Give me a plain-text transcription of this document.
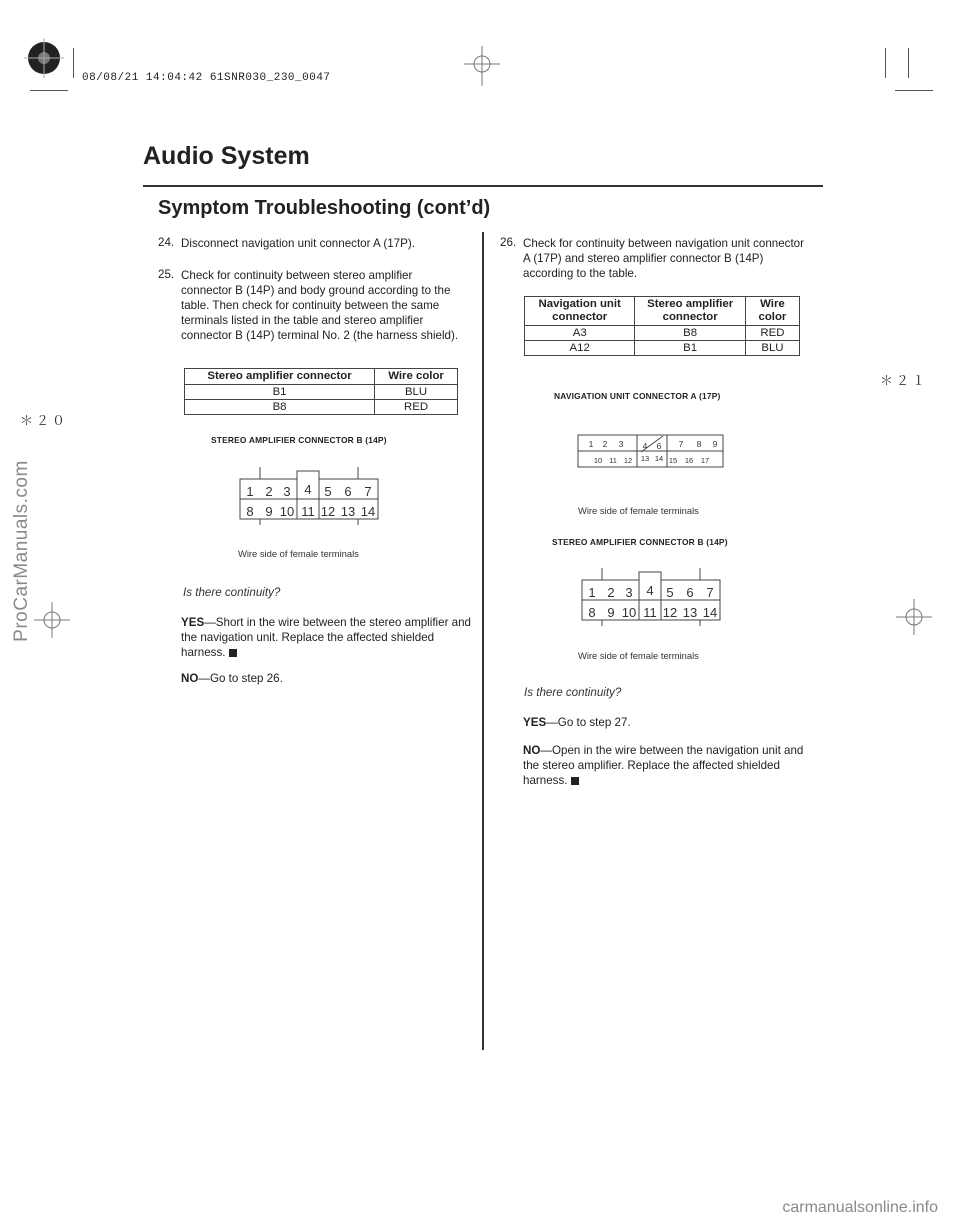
08/08/21 14:04:42 61SNR030_230_0047
＊２０
＊２１
ProCarManuals.com
carmanualsonline.info
Audio System
Symptom Troubleshooting (cont’d)
24. Disconnect navigation unit connector A (17P).
25. Check for continuity between stereo amplifier connector B (14P) and body ground according to the table. Then check for continuity between the same terminals listed in the table and stereo amplifier connector B (14P) terminal No. 2 (the harness shield).
Stereo amplifier connector	Wire color
B1	BLU
B8	RED
STEREO AMPLIFIER CONNECTOR B (14P)
1 2 3 4 5 6 7
8 9 10 11 12 13 14
Wire side of female terminals
Is there continuity?
YES—Short in the wire between the stereo amplifier and the navigation unit. Replace the affected shielded harness.
NO—Go to step 26.
26. Check for continuity between navigation unit connector A (17P) and stereo amplifier connector B (14P) according to the table.
Navigation unit connector	Stereo amplifier connector	Wire color
A3	B8	RED
A12	B1	BLU
NAVIGATION UNIT CONNECTOR A (17P)
1 2 3 4 6 7 8 9
10 11 12 13 14 15 16 17
Wire side of female terminals
STEREO AMPLIFIER CONNECTOR B (14P)
1 2 3 4 5 6 7
8 9 10 11 12 13 14
Wire side of female terminals
Is there continuity?
YES—Go to step 27.
NO—Open in the wire between the navigation unit and the stereo amplifier. Replace the affected shielded harness.
